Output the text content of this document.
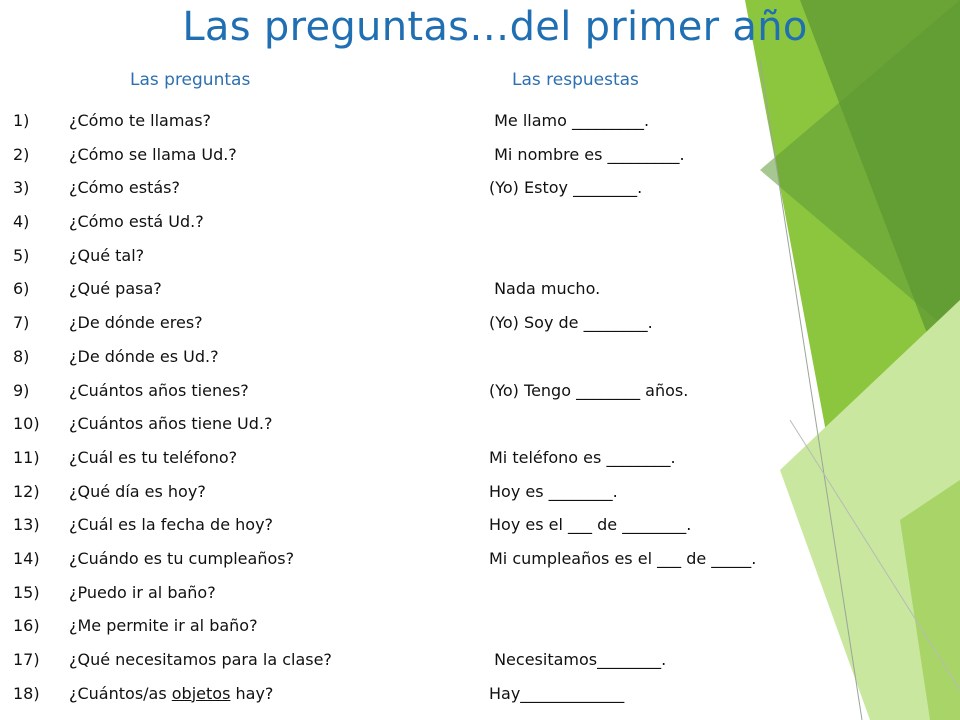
Las preguntas…del primer año
Las preguntas	Las respuestas
1) ¿Cómo te llamas?	Me llamo _________.
2) ¿Cómo se llama Ud.?	Mi nombre es _________.
3) ¿Cómo estás?	(Yo) Estoy ________.
4) ¿Cómo está Ud.?
5) ¿Qué tal?
6) ¿Qué pasa?	Nada mucho.
7) ¿De dónde eres?	(Yo) Soy de ________.
8) ¿De dónde es Ud.?
9) ¿Cuántos años tienes?	(Yo) Tengo ________ años.
10) ¿Cuántos años tiene Ud.?
11) ¿Cuál es tu teléfono?	Mi teléfono es ________.
12) ¿Qué día es hoy?	Hoy es ________.
13) ¿Cuál es la fecha de hoy?	Hoy es el ___ de ________.
14) ¿Cuándo es tu cumpleaños?	Mi cumpleaños es el ___ de _____.
15) ¿Puedo ir al baño?
16) ¿Me permite ir al baño?
17) ¿Qué necesitamos para la clase?	Necesitamos________.
18) ¿Cuántos/as objetos hay?	Hay_____________
